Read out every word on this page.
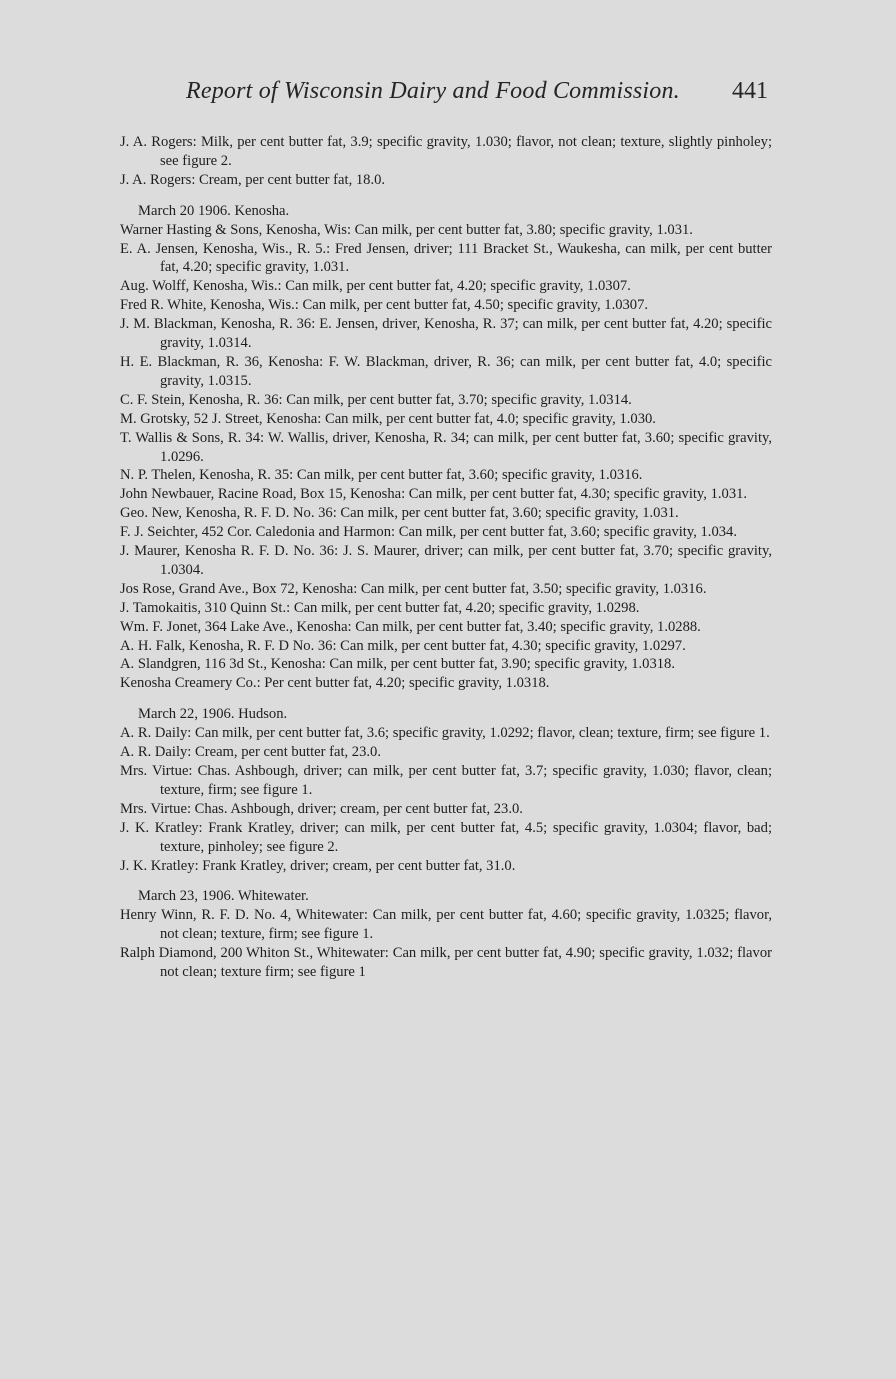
Report of Wisconsin Dairy and Food Commission. 441
J. A. Rogers: Milk, per cent butter fat, 3.9; specific gravity, 1.030; flavor, not clean; texture, slightly pinholey; see figure 2.
J. A. Rogers: Cream, per cent butter fat, 18.0.
March 20 1906. Kenosha.
Warner Hasting & Sons, Kenosha, Wis: Can milk, per cent butter fat, 3.80; specific gravity, 1.031.
E. A. Jensen, Kenosha, Wis., R. 5.: Fred Jensen, driver; 111 Bracket St., Waukesha, can milk, per cent butter fat, 4.20; specific gravity, 1.031.
Aug. Wolff, Kenosha, Wis.: Can milk, per cent butter fat, 4.20; specific gravity, 1.0307.
Fred R. White, Kenosha, Wis.: Can milk, per cent butter fat, 4.50; specific gravity, 1.0307.
J. M. Blackman, Kenosha, R. 36: E. Jensen, driver, Kenosha, R. 37; can milk, per cent butter fat, 4.20; specific gravity, 1.0314.
H. E. Blackman, R. 36, Kenosha: F. W. Blackman, driver, R. 36; can milk, per cent butter fat, 4.0; specific gravity, 1.0315.
C. F. Stein, Kenosha, R. 36: Can milk, per cent butter fat, 3.70; specific gravity, 1.0314.
M. Grotsky, 52 J. Street, Kenosha: Can milk, per cent butter fat, 4.0; specific gravity, 1.030.
T. Wallis & Sons, R. 34: W. Wallis, driver, Kenosha, R. 34; can milk, per cent butter fat, 3.60; specific gravity, 1.0296.
N. P. Thelen, Kenosha, R. 35: Can milk, per cent butter fat, 3.60; specific gravity, 1.0316.
John Newbauer, Racine Road, Box 15, Kenosha: Can milk, per cent butter fat, 4.30; specific gravity, 1.031.
Geo. New, Kenosha, R. F. D. No. 36: Can milk, per cent butter fat, 3.60; specific gravity, 1.031.
F. J. Seichter, 452 Cor. Caledonia and Harmon: Can milk, per cent butter fat, 3.60; specific gravity, 1.034.
J. Maurer, Kenosha R. F. D. No. 36: J. S. Maurer, driver; can milk, per cent butter fat, 3.70; specific gravity, 1.0304.
Jos Rose, Grand Ave., Box 72, Kenosha: Can milk, per cent butter fat, 3.50; specific gravity, 1.0316.
J. Tamokaitis, 310 Quinn St.: Can milk, per cent butter fat, 4.20; specific gravity, 1.0298.
Wm. F. Jonet, 364 Lake Ave., Kenosha: Can milk, per cent butter fat, 3.40; specific gravity, 1.0288.
A. H. Falk, Kenosha, R. F. D No. 36: Can milk, per cent butter fat, 4.30; specific gravity, 1.0297.
A. Slandgren, 116 3d St., Kenosha: Can milk, per cent butter fat, 3.90; specific gravity, 1.0318.
Kenosha Creamery Co.: Per cent butter fat, 4.20; specific gravity, 1.0318.
March 22, 1906. Hudson.
A. R. Daily: Can milk, per cent butter fat, 3.6; specific gravity, 1.0292; flavor, clean; texture, firm; see figure 1.
A. R. Daily: Cream, per cent butter fat, 23.0.
Mrs. Virtue: Chas. Ashbough, driver; can milk, per cent butter fat, 3.7; specific gravity, 1.030; flavor, clean; texture, firm; see figure 1.
Mrs. Virtue: Chas. Ashbough, driver; cream, per cent butter fat, 23.0.
J. K. Kratley: Frank Kratley, driver; can milk, per cent butter fat, 4.5; specific gravity, 1.0304; flavor, bad; texture, pinholey; see figure 2.
J. K. Kratley: Frank Kratley, driver; cream, per cent butter fat, 31.0.
March 23, 1906. Whitewater.
Henry Winn, R. F. D. No. 4, Whitewater: Can milk, per cent butter fat, 4.60; specific gravity, 1.0325; flavor, not clean; texture, firm; see figure 1.
Ralph Diamond, 200 Whiton St., Whitewater: Can milk, per cent butter fat, 4.90; specific gravity, 1.032; flavor not clean; texture firm; see figure 1
